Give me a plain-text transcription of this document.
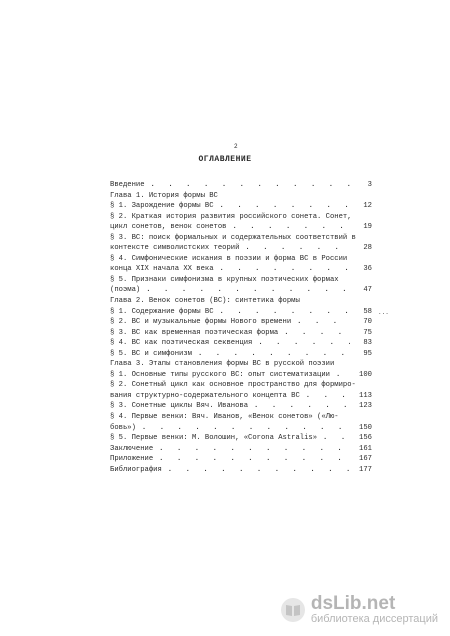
2
ОГЛАВЛЕНИЕ
Введение . . .	3
Глава 1. История формы ВС
§ 1. Зарождение формы ВС . . .	12
§ 2. Краткая история развития российского сонета. Сонет,
цикл сонетов, венок сонетов . . .	19
§ 3. ВС: поиск формальных и содержательных соответствий в
контексте символистских теорий . . .	28
§ 4. Симфонические искания в поэзии и форма ВС в России
конца XIX начала XX века . . .	36
§ 5. Признаки симфонизма в крупных поэтических формах
(поэма) . . .	47
Глава 2. Венок сонетов (ВС): синтетика формы
§ 1. Содержание формы ВС . . .	58
§ 2. ВС и музыкальные формы Нового времени . . .	70
§ 3. ВС как временная поэтическая форма . . .	75
§ 4. ВС как поэтическая секвенция . . .	83
§ 5. ВС и симфонизм . . .	95
Глава 3. Этапы становления формы ВС в русской поэзии
§ 1. Основные типы русского ВС: опыт систематизации . . .	100
§ 2. Сонетный цикл как основное пространство для формиро-
вания структурно-содержательного концепта ВС . . .	113
§ 3. Сонетные циклы Вяч. Иванова . . .	123
§ 4. Первые венки: Вяч. Иванов, «Венок сонетов» («Лю-
бовь») . . .	150
§ 5. Первые венки: М. Волошин, «Corona Astralis» . . .	156
Заключение . . .	161
Приложение . . .	167
Библиография . . .	177
...
dsLib.net
библиотека диссертаций
